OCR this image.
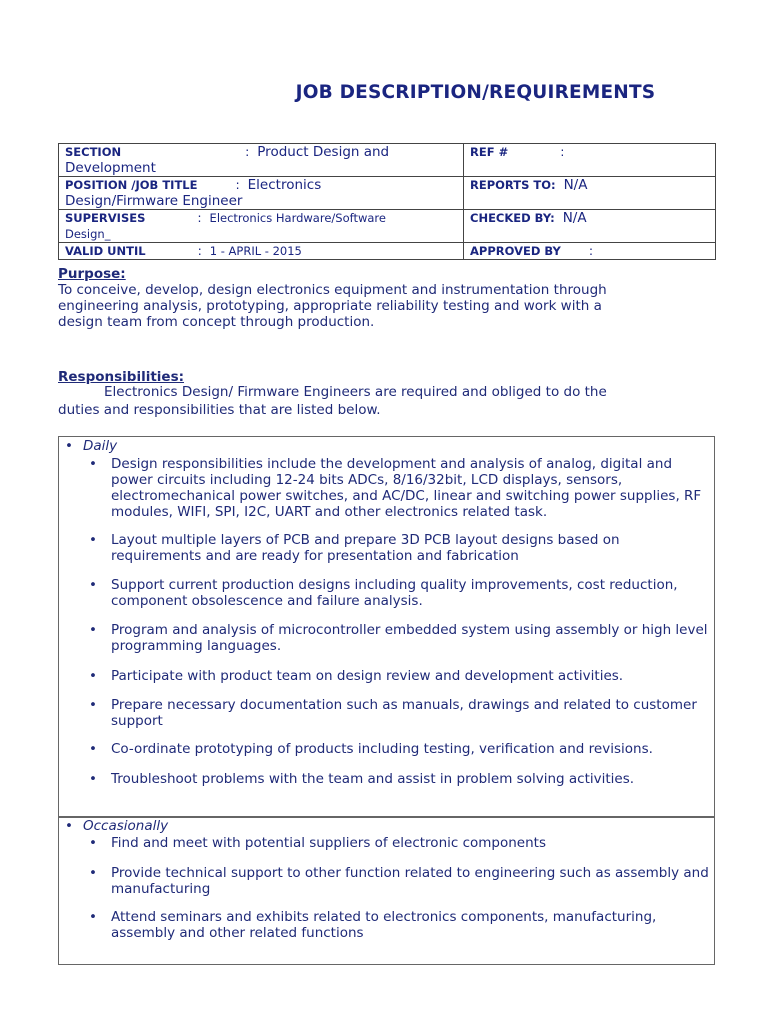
JOB DESCRIPTION/REQUIREMENTS
SECTION : Product Design and
Development	REF # :
POSITION /JOB TITLE : Electronics
Design/Firmware Engineer	REPORTS TO: N/A
SUPERVISES : Electronics Hardware/Software
Design_	CHECKED BY: N/A
VALID UNTIL : 1 - APRIL - 2015	APPROVED BY :
Purpose:
To conceive, develop, design electronics equipment and instrumentation through
engineering analysis, prototyping, appropriate reliability testing and work with a
design team from concept through production.
Responsibilities:
Electronics Design/ Firmware Engineers are required and obliged to do the
duties and responsibilities that are listed below.
• Daily
• Design responsibilities include the development and analysis of analog, digital and power circuits including 12-24 bits ADCs, 8/16/32bit, LCD displays, sensors, electromechanical power switches, and AC/DC, linear and switching power supplies, RF modules, WIFI, SPI, I2C, UART and other electronics related task.
• Layout multiple layers of PCB and prepare 3D PCB layout designs based on requirements and are ready for presentation and fabrication
• Support current production designs including quality improvements, cost reduction, component obsolescence and failure analysis.
• Program and analysis of microcontroller embedded system using assembly or high level programming languages.
• Participate with product team on design review and development activities.
• Prepare necessary documentation such as manuals, drawings and related to customer support
• Co-ordinate prototyping of products including testing, verification and revisions.
• Troubleshoot problems with the team and assist in problem solving activities.
• Occasionally
• Find and meet with potential suppliers of electronic components
• Provide technical support to other function related to engineering such as assembly and manufacturing
• Attend seminars and exhibits related to electronics components, manufacturing, assembly and other related functions
